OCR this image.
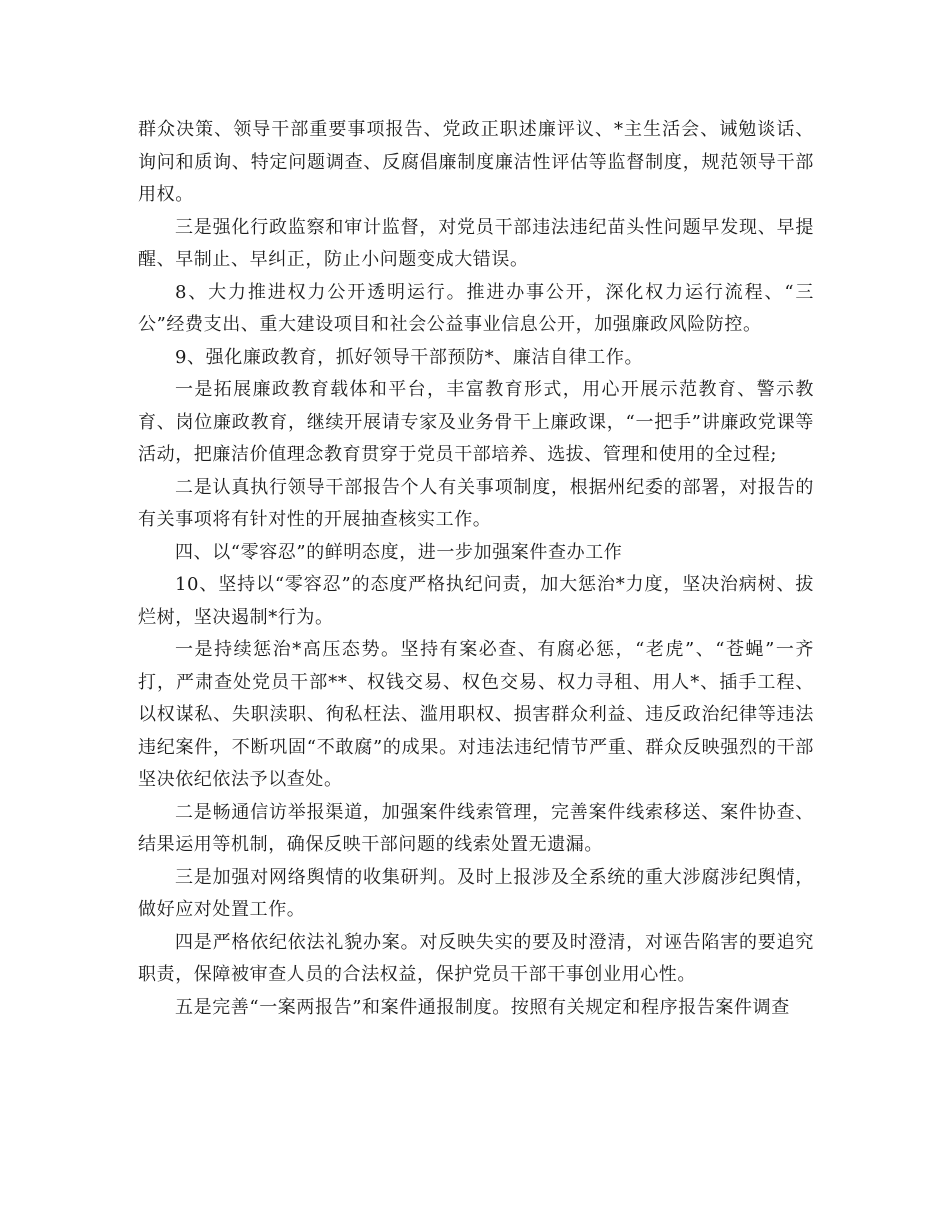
群众决策、领导干部重要事项报告、党政正职述廉评议、*主生活会、诫勉谈话、询问和质询、特定问题调查、反腐倡廉制度廉洁性评估等监督制度，规范领导干部用权。

三是强化行政监察和审计监督，对党员干部违法违纪苗头性问题早发现、早提醒、早制止、早纠正，防止小问题变成大错误。

8、大力推进权力公开透明运行。推进办事公开，深化权力运行流程、“三公”经费支出、重大建设项目和社会公益事业信息公开，加强廉政风险防控。

9、强化廉政教育，抓好领导干部预防*、廉洁自律工作。

一是拓展廉政教育载体和平台，丰富教育形式，用心开展示范教育、警示教育、岗位廉政教育，继续开展请专家及业务骨干上廉政课，“一把手”讲廉政党课等活动，把廉洁价值理念教育贯穿于党员干部培养、选拔、管理和使用的全过程;

二是认真执行领导干部报告个人有关事项制度，根据州纪委的部署，对报告的有关事项将有针对性的开展抽查核实工作。

四、以“零容忍”的鲜明态度，进一步加强案件查办工作

10、坚持以“零容忍”的态度严格执纪问责，加大惩治*力度，坚决治病树、拔烂树，坚决遏制*行为。

一是持续惩治*高压态势。坚持有案必查、有腐必惩，“老虎”、“苍蝇”一齐打，严肃查处党员干部**、权钱交易、权色交易、权力寻租、用人*、插手工程、以权谋私、失职渎职、徇私枉法、滥用职权、损害群众利益、违反政治纪律等违法违纪案件，不断巩固“不敢腐”的成果。对违法违纪情节严重、群众反映强烈的干部坚决依纪依法予以查处。

二是畅通信访举报渠道，加强案件线索管理，完善案件线索移送、案件协查、结果运用等机制，确保反映干部问题的线索处置无遗漏。

三是加强对网络舆情的收集研判。及时上报涉及全系统的重大涉腐涉纪舆情，做好应对处置工作。

四是严格依纪依法礼貌办案。对反映失实的要及时澄清，对诬告陷害的要追究职责，保障被审查人员的合法权益，保护党员干部干事创业用心性。

五是完善“一案两报告”和案件通报制度。按照有关规定和程序报告案件调查
